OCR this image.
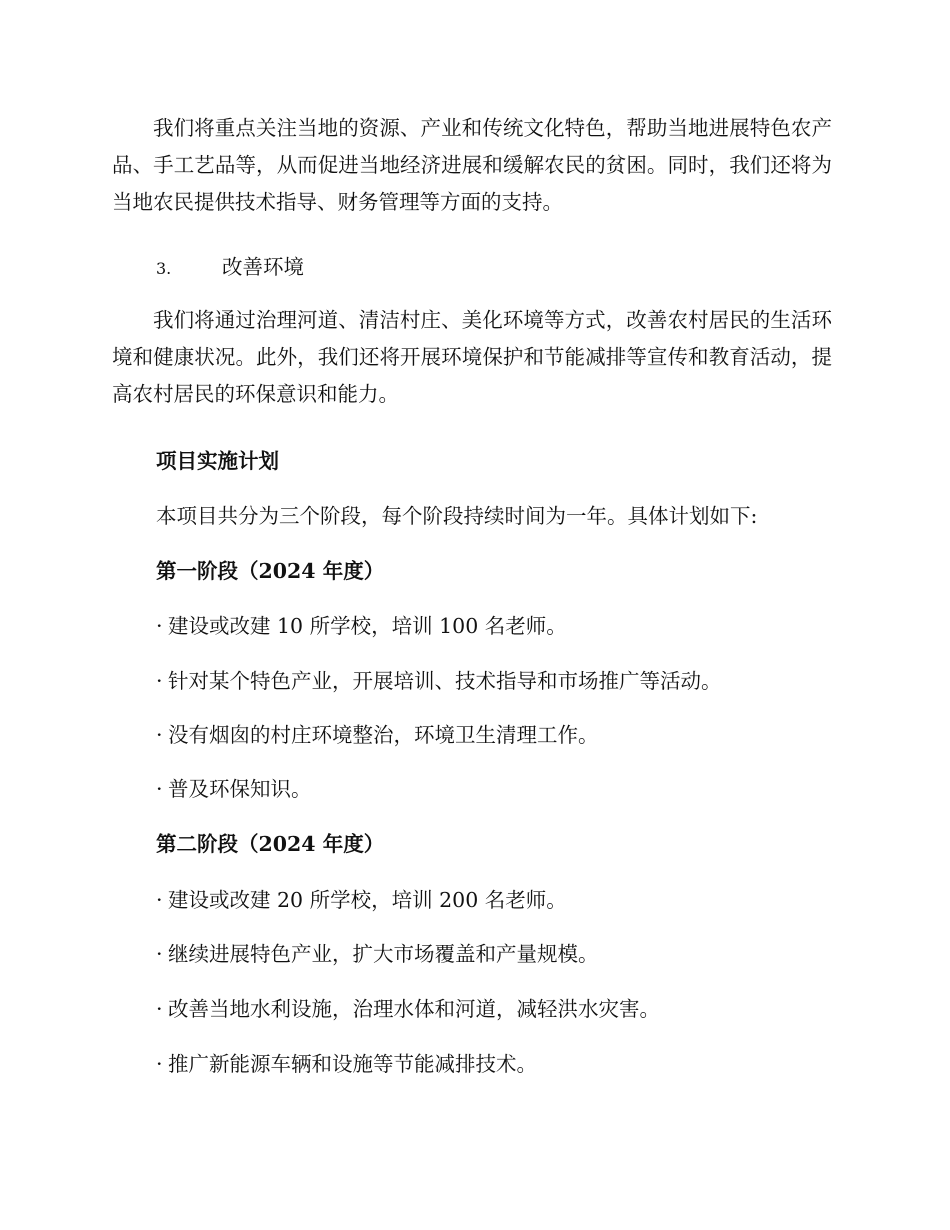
我们将重点关注当地的资源、产业和传统文化特色，帮助当地进展特色农产品、手工艺品等，从而促进当地经济进展和缓解农民的贫困。同时，我们还将为当地农民提供技术指导、财务管理等方面的支持。
3. 改善环境
我们将通过治理河道、清洁村庄、美化环境等方式，改善农村居民的生活环境和健康状况。此外，我们还将开展环境保护和节能减排等宣传和教育活动，提高农村居民的环保意识和能力。
项目实施计划
本项目共分为三个阶段，每个阶段持续时间为一年。具体计划如下:
第一阶段（2024 年度）
· 建设或改建 10 所学校，培训 100 名老师。
· 针对某个特色产业，开展培训、技术指导和市场推广等活动。
· 没有烟囱的村庄环境整治，环境卫生清理工作。
· 普及环保知识。
第二阶段（2024 年度）
· 建设或改建 20 所学校，培训 200 名老师。
· 继续进展特色产业，扩大市场覆盖和产量规模。
· 改善当地水利设施，治理水体和河道，减轻洪水灾害。
· 推广新能源车辆和设施等节能减排技术。
